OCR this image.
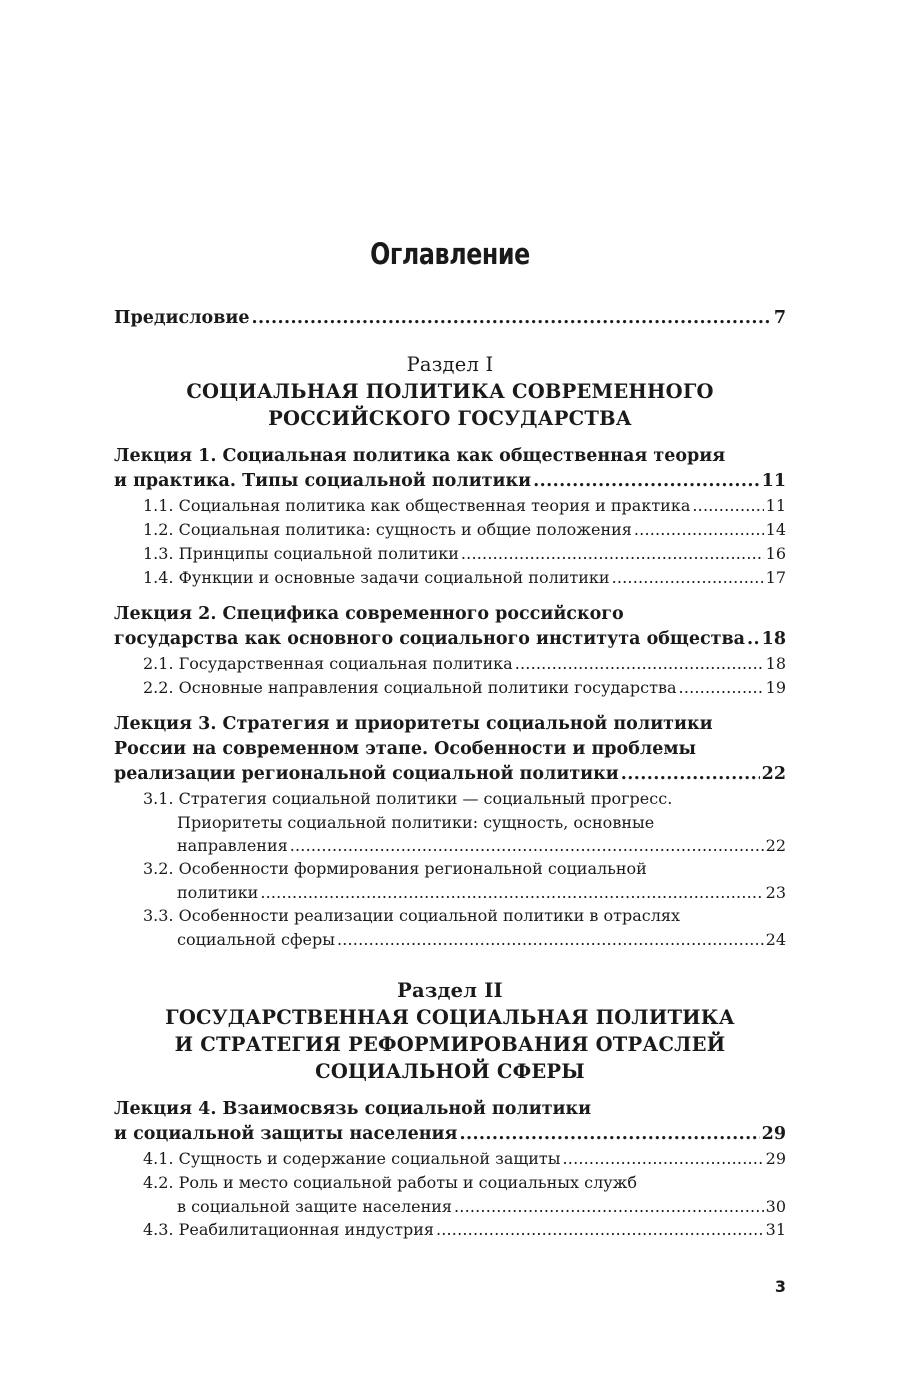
Оглавление
Предисловие .....	7
Раздел I
СОЦИАЛЬНАЯ ПОЛИТИКА СОВРЕМЕННОГО
РОССИЙСКОГО ГОСУДАРСТВА
Лекция 1. Социальная политика как общественная теория
и практика. Типы социальной политики .....	11
1.1. Социальная политика как общественная теория и практика .....	11
1.2. Социальная политика: сущность и общие положения .....	14
1.3. Принципы социальной политики .....	16
1.4. Функции и основные задачи социальной политики .....	17
Лекция 2. Специфика современного российского
государства как основного социального института общества ..... 18
2.1. Государственная социальная политика .....	18
2.2. Основные направления социальной политики государства .....	19
Лекция 3. Стратегия и приоритеты социальной политики
России на современном этапе. Особенности и проблемы
реализации региональной социальной политики .....	22
3.1. Стратегия социальной политики — социальный прогресс.
Приоритеты социальной политики: сущность, основные
направления .....	22
3.2. Особенности формирования региональной социальной
политики .....	23
3.3. Особенности реализации социальной политики в отраслях
социальной сферы .....	24
Раздел II
ГОСУДАРСТВЕННАЯ СОЦИАЛЬНАЯ ПОЛИТИКА
И СТРАТЕГИЯ РЕФОРМИРОВАНИЯ ОТРАСЛЕЙ
СОЦИАЛЬНОЙ СФЕРЫ
Лекция 4. Взаимосвязь социальной политики
и социальной защиты населения .....	29
4.1. Сущность и содержание социальной защиты .....	29
4.2. Роль и место социальной работы и социальных служб
в социальной защите населения .....	30
4.3. Реабилитационная индустрия .....	31
3
